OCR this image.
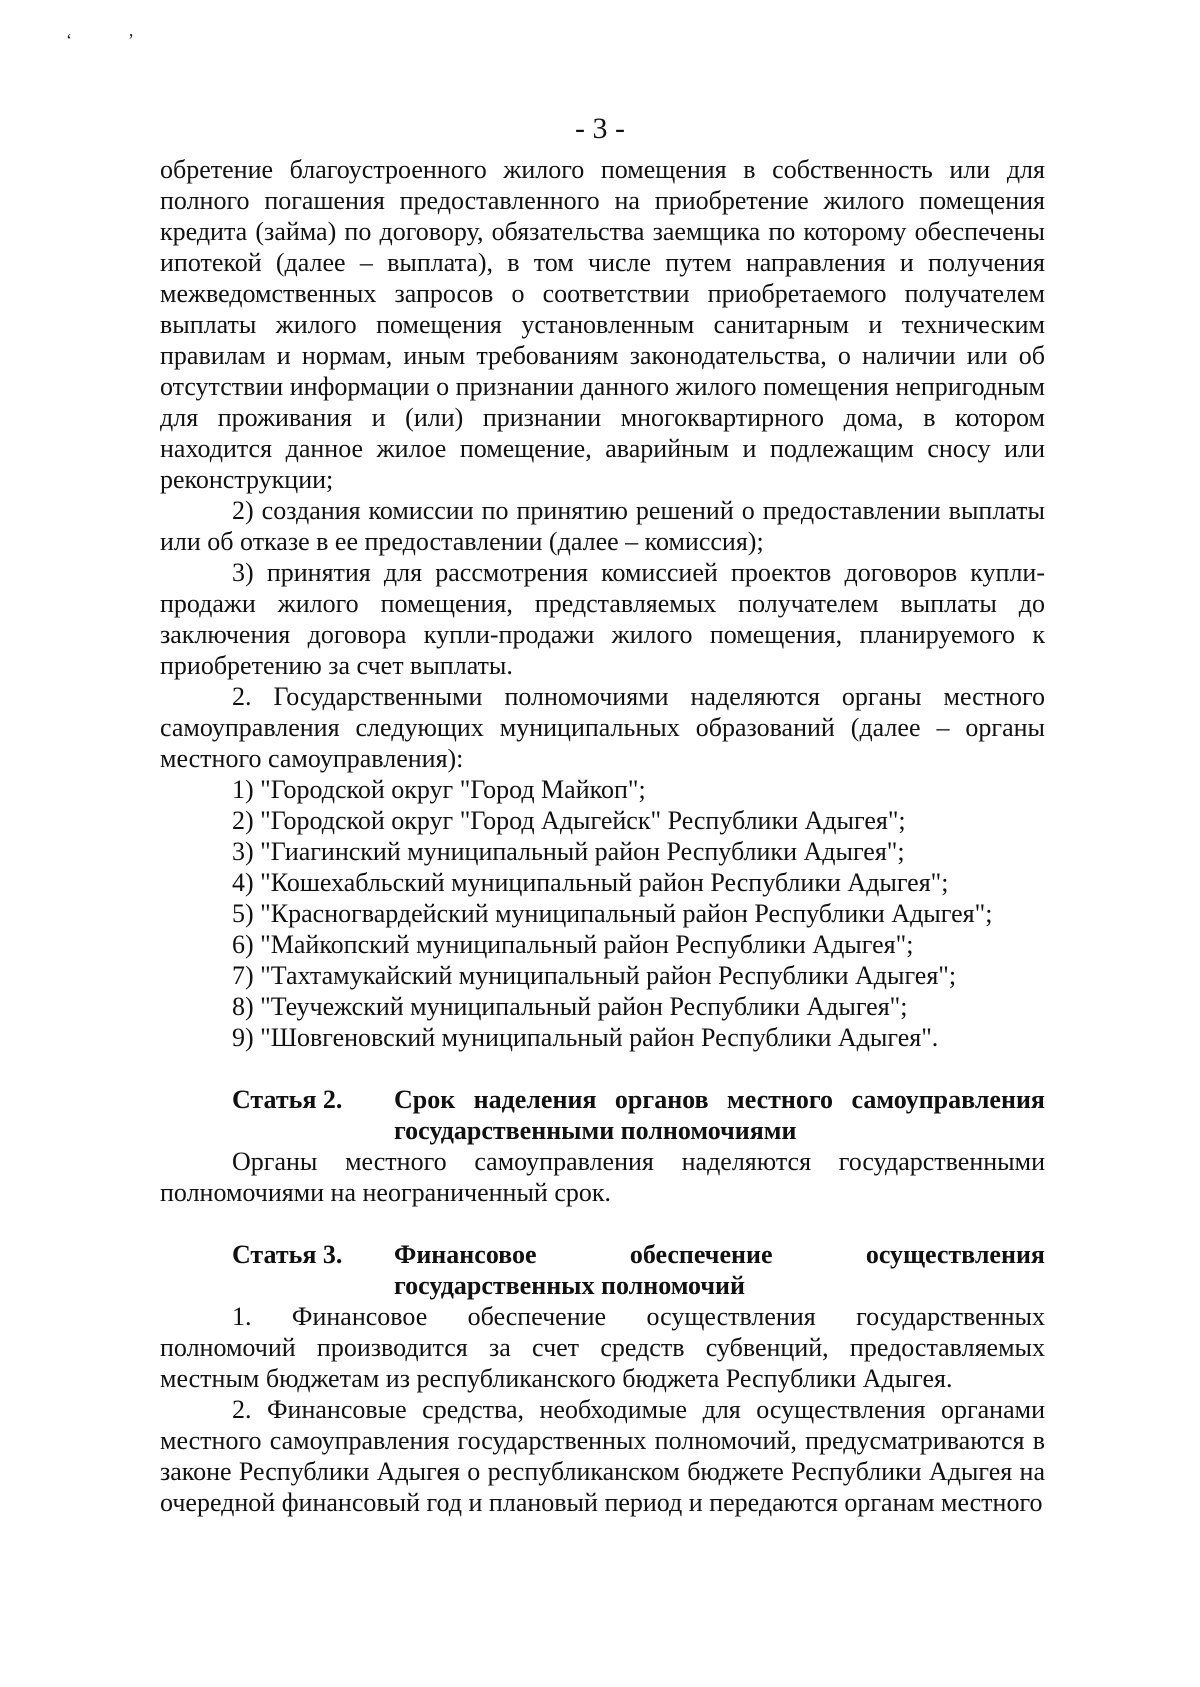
‘	’
- 3 -

обретение благоустроенного жилого помещения в собственность или для полного погашения предоставленного на приобретение жилого помещения кредита (займа) по договору, обязательства заемщика по которому обеспечены ипотекой (далее – выплата), в том числе путем направления и получения межведомственных запросов о соответствии приобретаемого получателем выплаты жилого помещения установленным санитарным и техническим правилам и нормам, иным требованиям законодательства, о наличии или об отсутствии информации о признании данного жилого помещения непригодным для проживания и (или) признании многоквартирного дома, в котором находится данное жилое помещение, аварийным и подлежащим сносу или реконструкции;

2) создания комиссии по принятию решений о предоставлении выплаты или об отказе в ее предоставлении (далее – комиссия);

3) принятия для рассмотрения комиссией проектов договоров купли-продажи жилого помещения, представляемых получателем выплаты до заключения договора купли-продажи жилого помещения, планируемого к приобретению за счет выплаты.

2. Государственными полномочиями наделяются органы местного самоуправления следующих муниципальных образований (далее – органы местного самоуправления):

1) "Городской округ "Город Майкоп";

2) "Городской округ "Город Адыгейск" Республики Адыгея";

3) "Гиагинский муниципальный район Республики Адыгея";

4) "Кошехабльский муниципальный район Республики Адыгея";

5) "Красногвардейский муниципальный район Республики Адыгея";

6) "Майкопский муниципальный район Республики Адыгея";

7) "Тахтамукайский муниципальный район Республики Адыгея";

8) "Теучежский муниципальный район Республики Адыгея";

9) "Шовгеновский муниципальный район Республики Адыгея".

Статья 2.	Срок наделения органов местного самоуправления государственными полномочиями

Органы местного самоуправления наделяются государственными полномочиями на неограниченный срок.

Статья 3.	Финансовое обеспечение осуществления государственных полномочий

1. Финансовое обеспечение осуществления государственных полномочий производится за счет средств субвенций, предоставляемых местным бюджетам из республиканского бюджета Республики Адыгея.

2. Финансовые средства, необходимые для осуществления органами местного самоуправления государственных полномочий, предусматриваются в законе Республики Адыгея о республиканском бюджете Республики Адыгея на очередной финансовый год и плановый период и передаются органам местного
